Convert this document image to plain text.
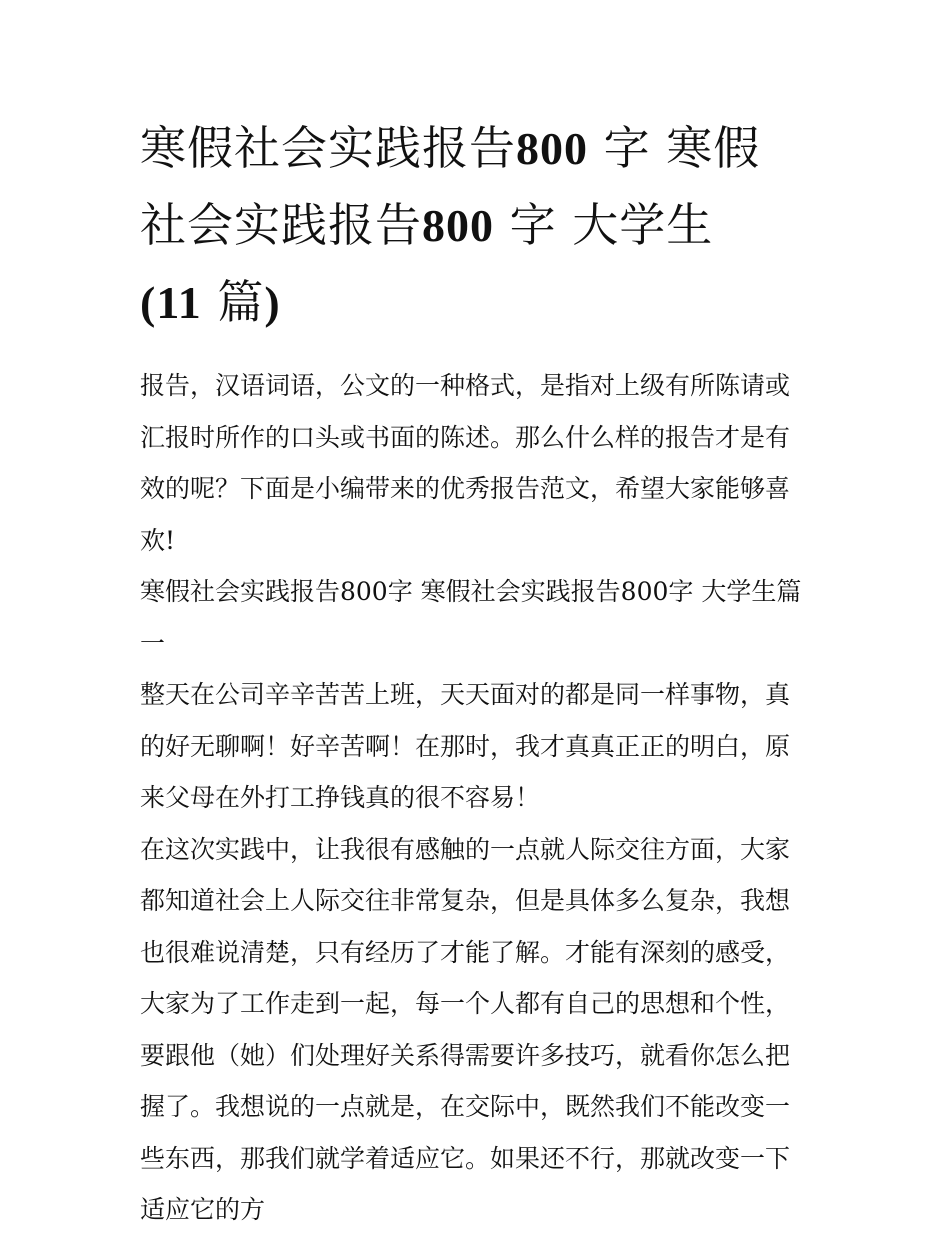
寒假社会实践报告800 字 寒假
社会实践报告800 字 大学生
(11 篇)

报告，汉语词语，公文的一种格式，是指对上级有所陈请或汇报时所作的口头或书面的陈述。那么什么样的报告才是有效的呢？下面是小编带来的优秀报告范文，希望大家能够喜欢!

寒假社会实践报告800字 寒假社会实践报告800字 大学生篇一

整天在公司辛辛苦苦上班，天天面对的都是同一样事物，真的好无聊啊！好辛苦啊！在那时，我才真真正正的明白，原来父母在外打工挣钱真的很不容易！

在这次实践中，让我很有感触的一点就人际交往方面，大家都知道社会上人际交往非常复杂，但是具体多么复杂，我想也很难说清楚，只有经历了才能了解。才能有深刻的感受，大家为了工作走到一起，每一个人都有自己的思想和个性，要跟他（她）们处理好关系得需要许多技巧，就看你怎么把握了。我想说的一点就是，在交际中，既然我们不能改变一些东西，那我们就学着适应它。如果还不行，那就改变一下适应它的方
